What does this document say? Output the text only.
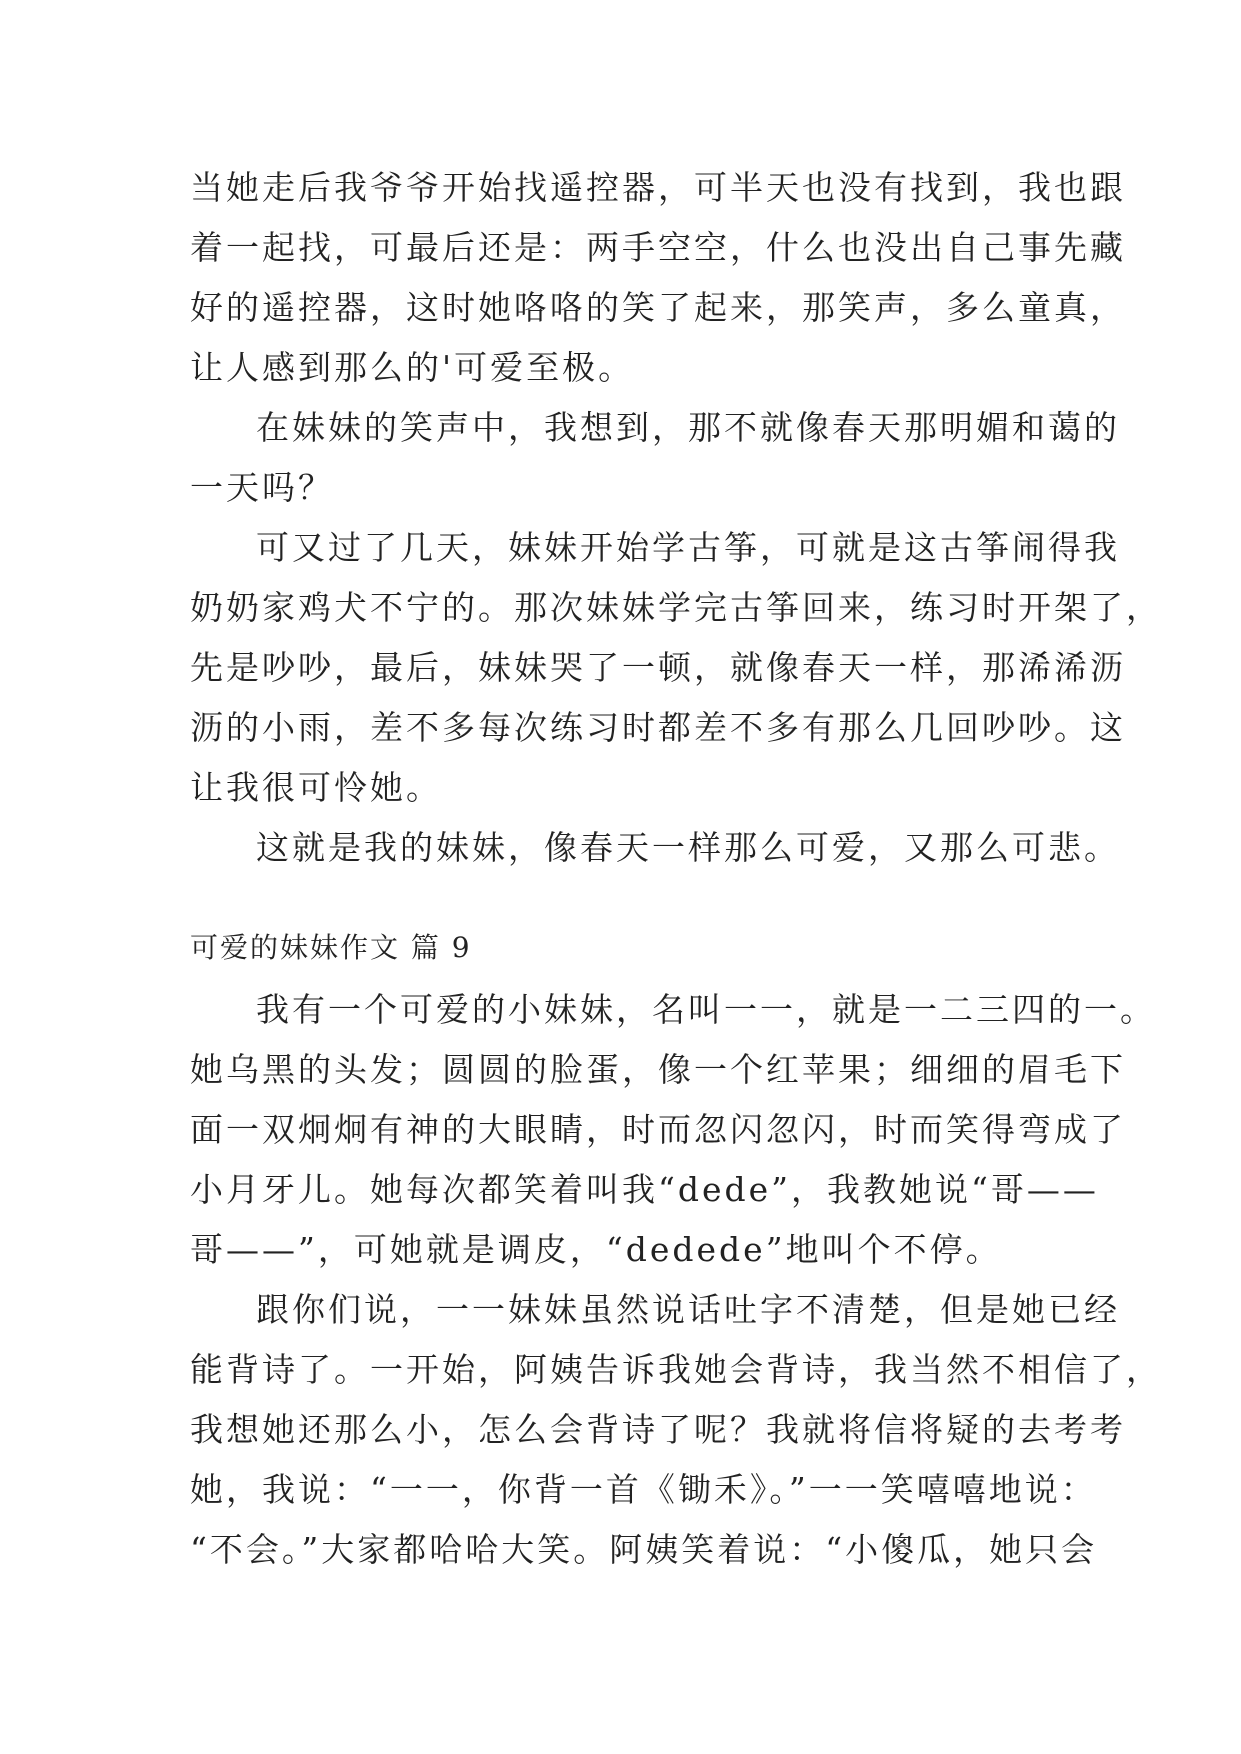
当她走后我爷爷开始找遥控器，可半天也没有找到，我也跟
着一起找，可最后还是：两手空空，什么也没出自己事先藏
好的遥控器，这时她咯咯的笑了起来，那笑声，多么童真，
让人感到那么的'可爱至极。
在妹妹的笑声中，我想到，那不就像春天那明媚和蔼的
一天吗？
可又过了几天，妹妹开始学古筝，可就是这古筝闹得我
奶奶家鸡犬不宁的。那次妹妹学完古筝回来，练习时开架了，
先是吵吵，最后，妹妹哭了一顿，就像春天一样，那浠浠沥
沥的小雨，差不多每次练习时都差不多有那么几回吵吵。这
让我很可怜她。
这就是我的妹妹，像春天一样那么可爱，又那么可悲。
可爱的妹妹作文 篇 9
我有一个可爱的小妹妹，名叫一一，就是一二三四的一。
她乌黑的头发；圆圆的脸蛋，像一个红苹果；细细的眉毛下
面一双炯炯有神的大眼睛，时而忽闪忽闪，时而笑得弯成了
小月牙儿。她每次都笑着叫我“dede”，我教她说“哥——
哥——”，可她就是调皮，“dedede”地叫个不停。
跟你们说，一一妹妹虽然说话吐字不清楚，但是她已经
能背诗了。一开始，阿姨告诉我她会背诗，我当然不相信了，
我想她还那么小，怎么会背诗了呢？我就将信将疑的去考考
她，我说：“一一，你背一首《锄禾》。”一一笑嘻嘻地说：
“不会。”大家都哈哈大笑。阿姨笑着说：“小傻瓜，她只会
